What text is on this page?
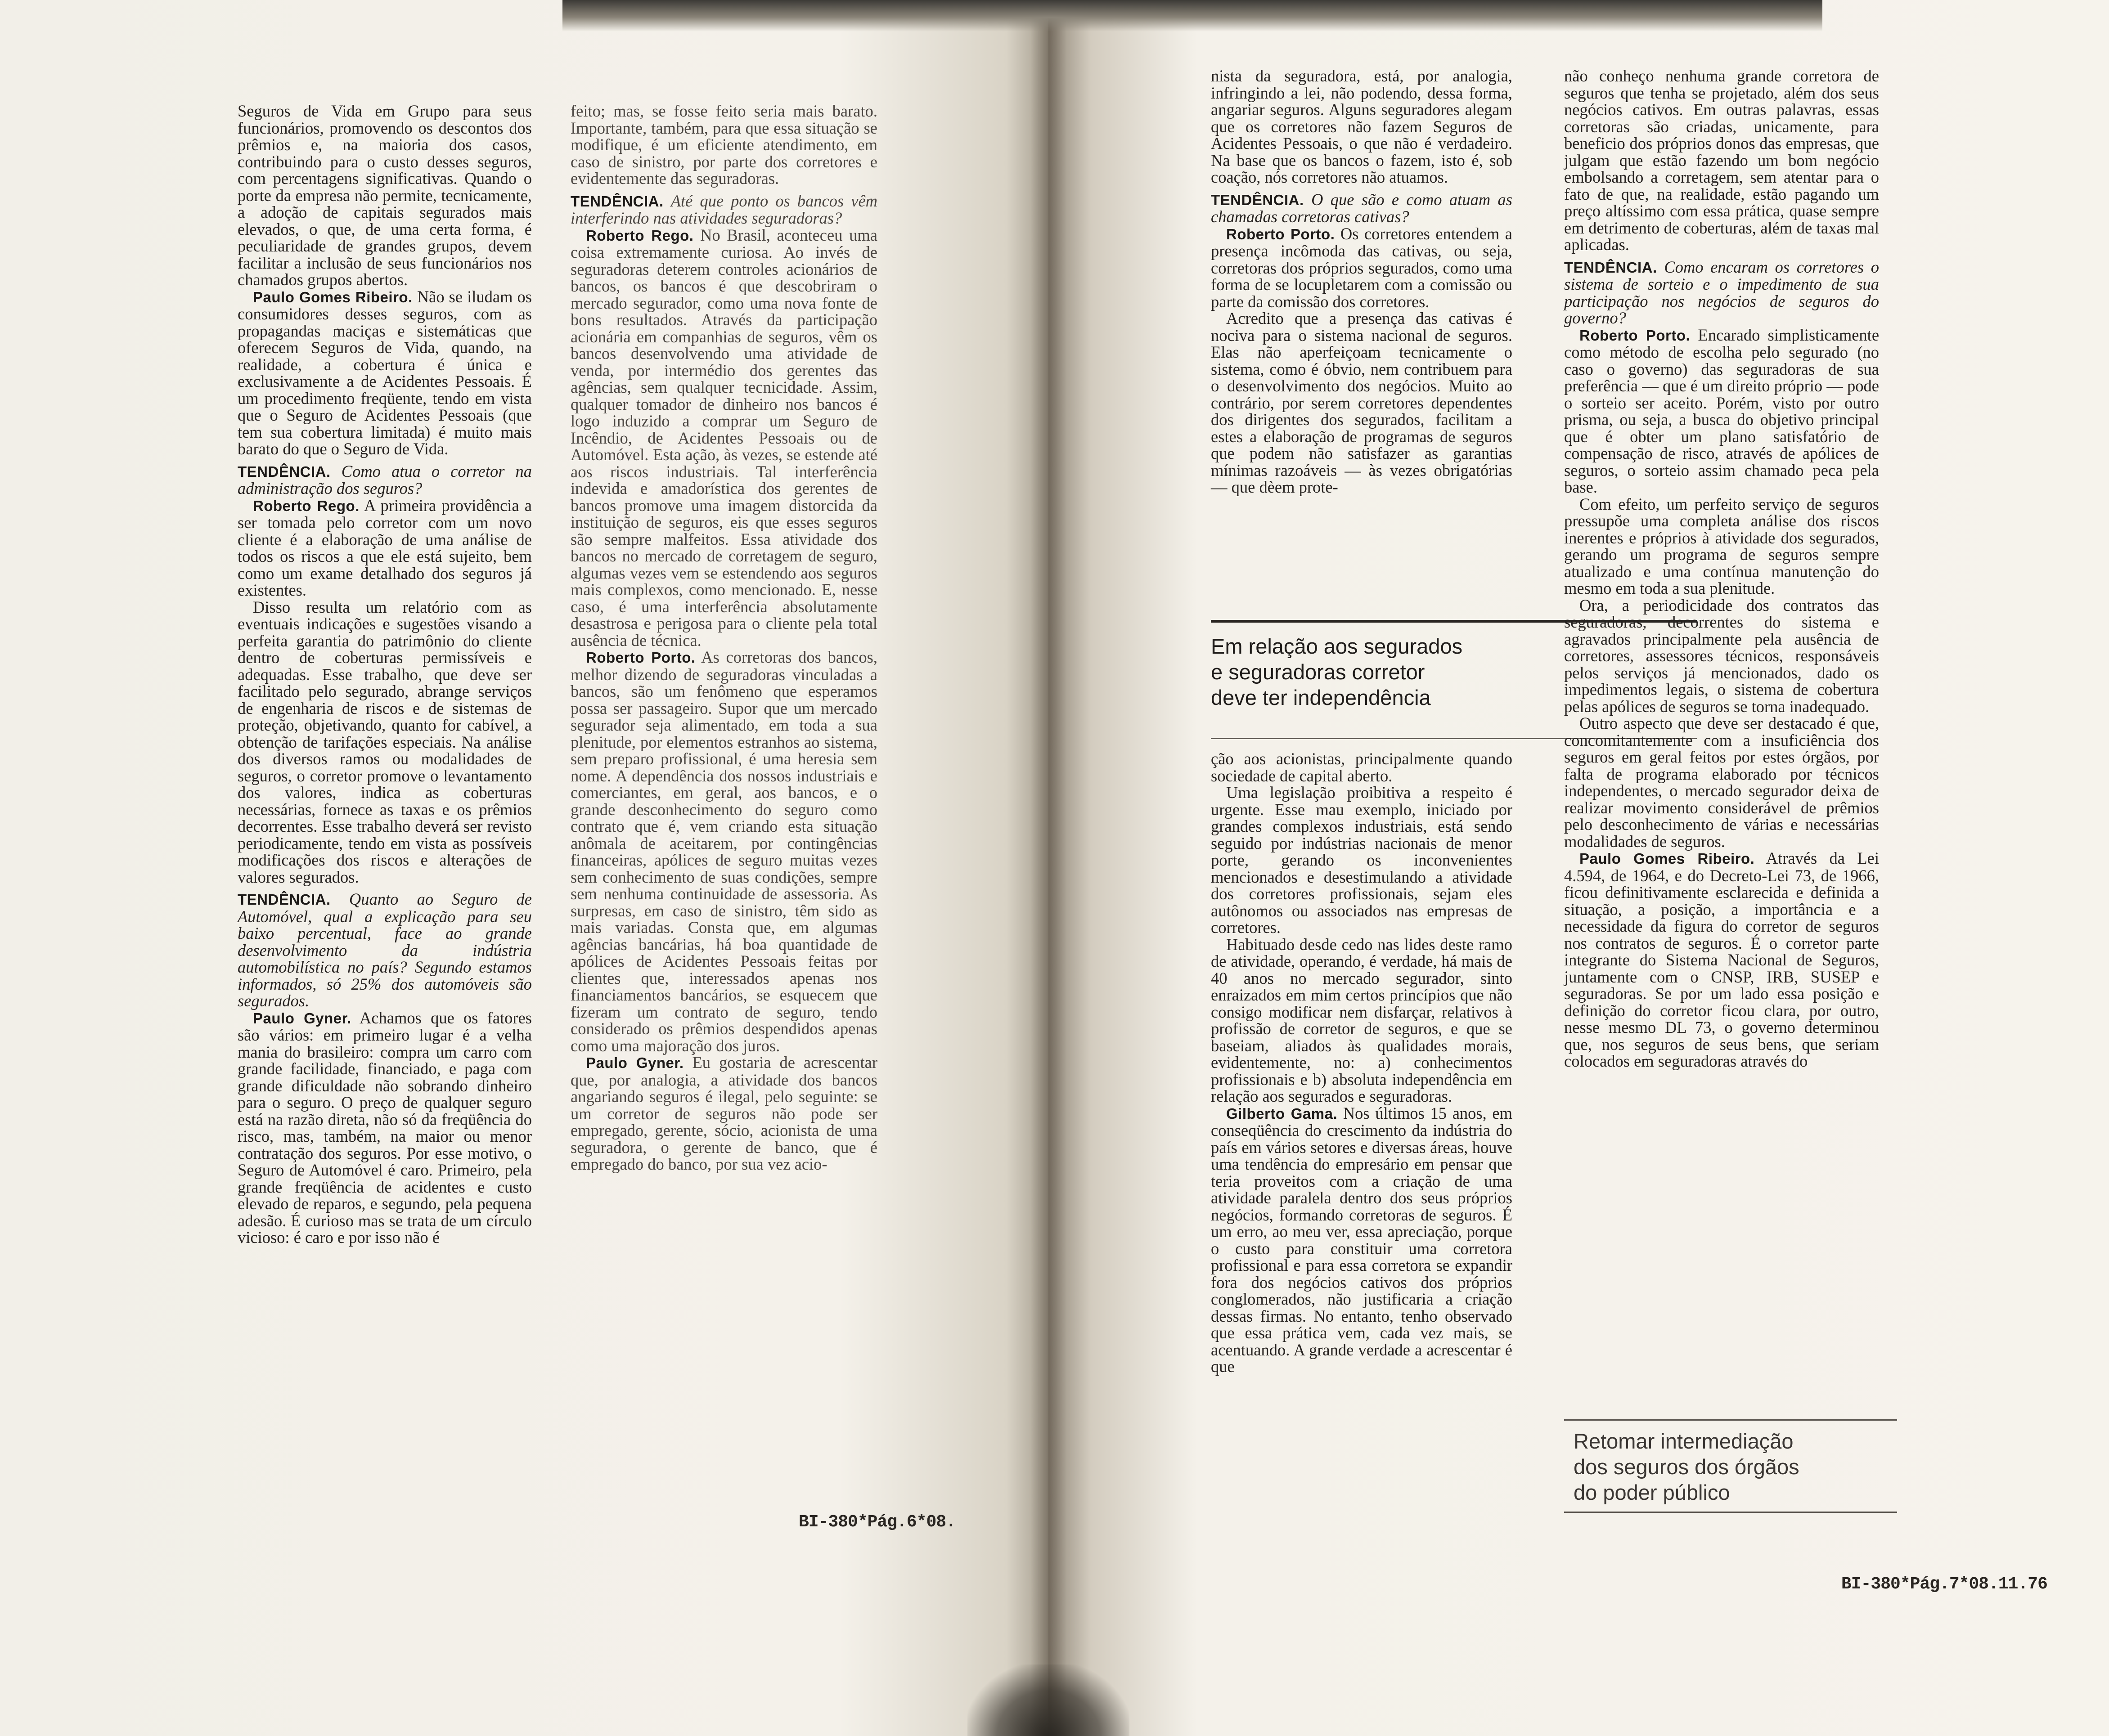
Seguros de Vida em Grupo para seus funcionários, promovendo os descontos dos prêmios e, na maioria dos casos, contribuindo para o custo desses seguros, com percentagens significativas. Quando o porte da empresa não permite, tecnicamente, a adoção de capitais segurados mais elevados, o que, de uma certa forma, é peculiaridade de grandes grupos, devem facilitar a inclusão de seus funcionários nos chamados grupos abertos.

Paulo Gomes Ribeiro. Não se iludam os consumidores desses seguros, com as propagandas maciças e sistemáticas que oferecem Seguros de Vida, quando, na realidade, a cobertura é única e exclusivamente a de Acidentes Pessoais. É um procedimento freqüente, tendo em vista que o Seguro de Acidentes Pessoais (que tem sua cobertura limitada) é muito mais barato do que o Seguro de Vida.

TENDÊNCIA. Como atua o corretor na administração dos seguros?

Roberto Rego. A primeira providência a ser tomada pelo corretor com um novo cliente é a elaboração de uma análise de todos os riscos a que ele está sujeito, bem como um exame detalhado dos seguros já existentes.

Disso resulta um relatório com as eventuais indicações e sugestões visando a perfeita garantia do patrimônio do cliente dentro de coberturas permissíveis e adequadas. Esse trabalho, que deve ser facilitado pelo segurado, abrange serviços de engenharia de riscos e de sistemas de proteção, objetivando, quanto for cabível, a obtenção de tarifações especiais. Na análise dos diversos ramos ou modalidades de seguros, o corretor promove o levantamento dos valores, indica as coberturas necessárias, fornece as taxas e os prêmios decorrentes. Esse trabalho deverá ser revisto periodicamente, tendo em vista as possíveis modificações dos riscos e alterações de valores segurados.

TENDÊNCIA. Quanto ao Seguro de Automóvel, qual a explicação para seu baixo percentual, face ao grande desenvolvimento da indústria automobilística no país? Segundo estamos informados, só 25% dos automóveis são segurados.

Paulo Gyner. Achamos que os fatores são vários: em primeiro lugar é a velha mania do brasileiro: compra um carro com grande facilidade, financiado, e paga com grande dificuldade não sobrando dinheiro para o seguro. O preço de qualquer seguro está na razão direta, não só da freqüência do risco, mas, também, na maior ou menor contratação dos seguros. Por esse motivo, o Seguro de Automóvel é caro. Primeiro, pela grande freqüência de acidentes e custo elevado de reparos, e segundo, pela pequena adesão. É curioso mas se trata de um círculo vicioso: é caro e por isso não é

feito; mas, se fosse feito seria mais barato. Importante, também, para que essa situação se modifique, é um eficiente atendimento, em caso de sinistro, por parte dos corretores e evidentemente das seguradoras.

TENDÊNCIA. Até que ponto os bancos vêm interferindo nas atividades seguradoras?

Roberto Rego. No Brasil, aconteceu uma coisa extremamente curiosa. Ao invés de seguradoras deterem controles acionários de bancos, os bancos é que descobriram o mercado segurador, como uma nova fonte de bons resultados. Através da participação acionária em companhias de seguros, vêm os bancos desenvolvendo uma atividade de venda, por intermédio dos gerentes das agências, sem qualquer tecnicidade. Assim, qualquer tomador de dinheiro nos bancos é logo induzido a comprar um Seguro de Incêndio, de Acidentes Pessoais ou de Automóvel. Esta ação, às vezes, se estende até aos riscos industriais. Tal interferência indevida e amadorística dos gerentes de bancos promove uma imagem distorcida da instituição de seguros, eis que esses seguros são sempre malfeitos. Essa atividade dos bancos no mercado de corretagem de seguro, algumas vezes vem se estendendo aos seguros mais complexos, como mencionado. E, nesse caso, é uma interferência absolutamente desastrosa e perigosa para o cliente pela total ausência de técnica.

Roberto Porto. As corretoras dos bancos, melhor dizendo de seguradoras vinculadas a bancos, são um fenômeno que esperamos possa ser passageiro. Supor que um mercado segurador seja alimentado, em toda a sua plenitude, por elementos estranhos ao sistema, sem preparo profissional, é uma heresia sem nome. A dependência dos nossos industriais e comerciantes, em geral, aos bancos, e o grande desconhecimento do seguro como contrato que é, vem criando esta situação anômala de aceitarem, por contingências financeiras, apólices de seguro muitas vezes sem conhecimento de suas condições, sempre sem nenhuma continuidade de assessoria. As surpresas, em caso de sinistro, têm sido as mais variadas. Consta que, em algumas agências bancárias, há boa quantidade de apólices de Acidentes Pessoais feitas por clientes que, interessados apenas nos financiamentos bancários, se esquecem que fizeram um contrato de seguro, tendo considerado os prêmios despendidos apenas como uma majoração dos juros.

Paulo Gyner. Eu gostaria de acrescentar que, por analogia, a atividade dos bancos angariando seguros é ilegal, pelo seguinte: se um corretor de seguros não pode ser empregado, gerente, sócio, acionista de uma seguradora, o gerente de banco, que é empregado do banco, por sua vez acio-

BI-380*Pág.6*08.

nista da seguradora, está, por analogia, infringindo a lei, não podendo, dessa forma, angariar seguros. Alguns seguradores alegam que os corretores não fazem Seguros de Acidentes Pessoais, o que não é verdadeiro. Na base que os bancos o fazem, isto é, sob coação, nós corretores não atuamos.

TENDÊNCIA. O que são e como atuam as chamadas corretoras cativas?

Roberto Porto. Os corretores entendem a presença incômoda das cativas, ou seja, corretoras dos próprios segurados, como uma forma de se locupletarem com a comissão ou parte da comissão dos corretores.

Acredito que a presença das cativas é nociva para o sistema nacional de seguros. Elas não aperfeiçoam tecnicamente o sistema, como é óbvio, nem contribuem para o desenvolvimento dos negócios. Muito ao contrário, por serem corretores dependentes dos dirigentes dos segurados, facilitam a estes a elaboração de programas de seguros que podem não satisfazer as garantias mínimas razoáveis — às vezes obrigatórias — que dèem prote-

Em relação aos segurados
e seguradoras corretor
deve ter independência

ção aos acionistas, principalmente quando sociedade de capital aberto.

Uma legislação proibitiva a respeito é urgente. Esse mau exemplo, iniciado por grandes complexos industriais, está sendo seguido por indústrias nacionais de menor porte, gerando os inconvenientes mencionados e desestimulando a atividade dos corretores profissionais, sejam eles autônomos ou associados nas empresas de corretores.

Habituado desde cedo nas lides deste ramo de atividade, operando, é verdade, há mais de 40 anos no mercado segurador, sinto enraizados em mim certos princípios que não consigo modificar nem disfarçar, relativos à profissão de corretor de seguros, e que se baseiam, aliados às qualidades morais, evidentemente, no: a) conhecimentos profissionais e b) absoluta independência em relação aos segurados e seguradoras.

Gilberto Gama. Nos últimos 15 anos, em conseqüência do crescimento da indústria do país em vários setores e diversas áreas, houve uma tendência do empresário em pensar que teria proveitos com a criação de uma atividade paralela dentro dos seus próprios negócios, formando corretoras de seguros. É um erro, ao meu ver, essa apreciação, porque o custo para constituir uma corretora profissional e para essa corretora se expandir fora dos negócios cativos dos próprios conglomerados, não justificaria a criação dessas firmas. No entanto, tenho observado que essa prática vem, cada vez mais, se acentuando. A grande verdade a acrescentar é que

não conheço nenhuma grande corretora de seguros que tenha se projetado, além dos seus negócios cativos. Em outras palavras, essas corretoras são criadas, unicamente, para beneficio dos próprios donos das empresas, que julgam que estão fazendo um bom negócio embolsando a corretagem, sem atentar para o fato de que, na realidade, estão pagando um preço altíssimo com essa prática, quase sempre em detrimento de coberturas, além de taxas mal aplicadas.

TENDÊNCIA. Como encaram os corretores o sistema de sorteio e o impedimento de sua participação nos negócios de seguros do governo?

Roberto Porto. Encarado simplisticamente como método de escolha pelo segurado (no caso o governo) das seguradoras de sua preferência — que é um direito próprio — pode o sorteio ser aceito. Porém, visto por outro prisma, ou seja, a busca do objetivo principal que é obter um plano satisfatório de compensação de risco, através de apólices de seguros, o sorteio assim chamado peca pela base.

Com efeito, um perfeito serviço de seguros pressupõe uma completa análise dos riscos inerentes e próprios à atividade dos segurados, gerando um programa de seguros sempre atualizado e uma contínua manutenção do mesmo em toda a sua plenitude.

Ora, a periodicidade dos contratos das seguradoras, decorrentes do sistema e agravados principalmente pela ausência de corretores, assessores técnicos, responsáveis pelos serviços já mencionados, dado os impedimentos legais, o sistema de cobertura pelas apólices de seguros se torna inadequado.

Outro aspecto que deve ser destacado é que, concomitantemente com a insuficiência dos seguros em geral feitos por estes órgãos, por falta de programa elaborado por técnicos independentes, o mercado segurador deixa de realizar movimento considerável de prêmios pelo desconhecimento de várias e necessárias modalidades de seguros.

Paulo Gomes Ribeiro. Através da Lei 4.594, de 1964, e do Decreto-Lei 73, de 1966, ficou definitivamente esclarecida e definida a situação, a posição, a importância e a necessidade da figura do corretor de seguros nos contratos de seguros. É o corretor parte integrante do Sistema Nacional de Seguros, juntamente com o CNSP, IRB, SUSEP e seguradoras. Se por um lado essa posição e definição do corretor ficou clara, por outro, nesse mesmo DL 73, o governo determinou que, nos seguros de seus bens, que seriam colocados em seguradoras através do

Retomar intermediação
dos seguros dos órgãos
do poder público
BI-380*Pág.7*08.11.76
